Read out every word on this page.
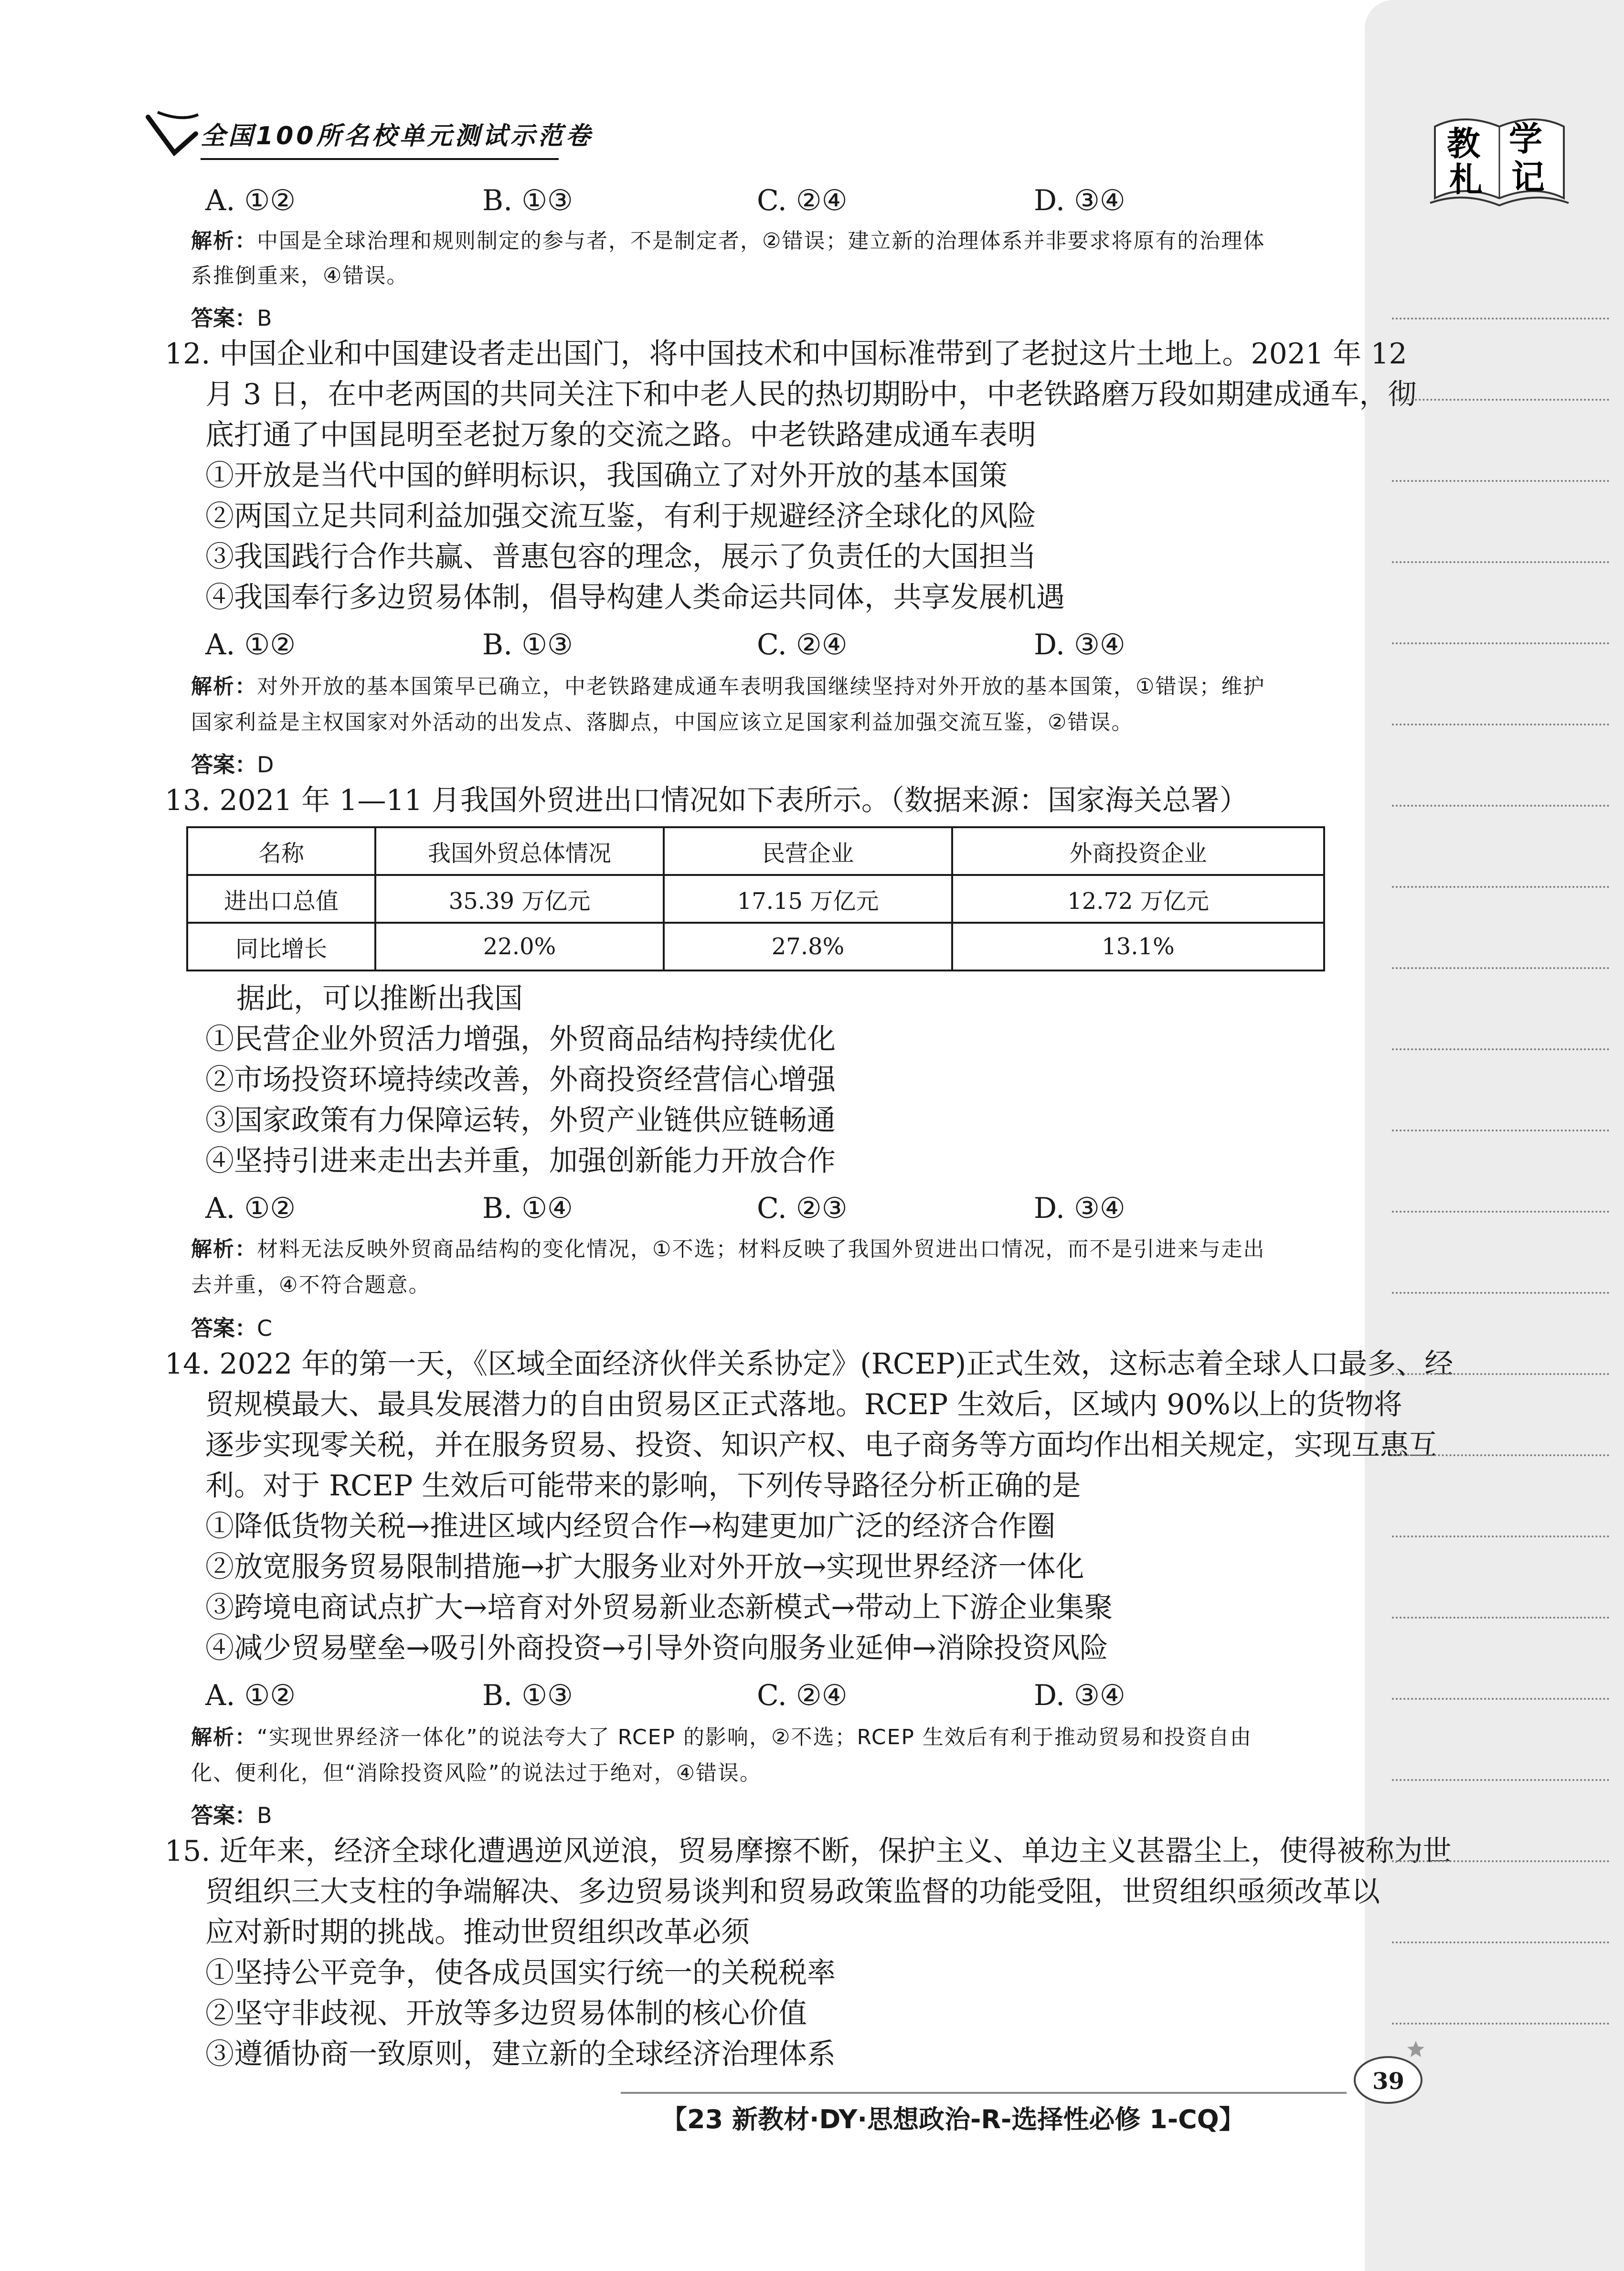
教 学
札 记
全国100所名校单元测试示范卷
A. ①②	B. ①③	C. ②④	D. ③④
解析：中国是全球治理和规则制定的参与者，不是制定者，②错误；建立新的治理体系并非要求将原有的治理体
系推倒重来，④错误。
答案：B
12. 中国企业和中国建设者走出国门，将中国技术和中国标准带到了老挝这片土地上。2021 年 12
月 3 日，在中老两国的共同关注下和中老人民的热切期盼中，中老铁路磨万段如期建成通车，彻
底打通了中国昆明至老挝万象的交流之路。中老铁路建成通车表明
①开放是当代中国的鲜明标识，我国确立了对外开放的基本国策
②两国立足共同利益加强交流互鉴，有利于规避经济全球化的风险
③我国践行合作共赢、普惠包容的理念，展示了负责任的大国担当
④我国奉行多边贸易体制，倡导构建人类命运共同体，共享发展机遇
A. ①②	B. ①③	C. ②④	D. ③④
解析：对外开放的基本国策早已确立，中老铁路建成通车表明我国继续坚持对外开放的基本国策，①错误；维护
国家利益是主权国家对外活动的出发点、落脚点，中国应该立足国家利益加强交流互鉴，②错误。
答案：D
13. 2021 年 1—11 月我国外贸进出口情况如下表所示。（数据来源：国家海关总署）
名称	我国外贸总体情况	民营企业	外商投资企业
进出口总值	35.39 万亿元	17.15 万亿元	12.72 万亿元
同比增长	22.0%	27.8%	13.1%
据此，可以推断出我国
①民营企业外贸活力增强，外贸商品结构持续优化
②市场投资环境持续改善，外商投资经营信心增强
③国家政策有力保障运转，外贸产业链供应链畅通
④坚持引进来走出去并重，加强创新能力开放合作
A. ①②	B. ①④	C. ②③	D. ③④
解析：材料无法反映外贸商品结构的变化情况，①不选；材料反映了我国外贸进出口情况，而不是引进来与走出
去并重，④不符合题意。
答案：C
14. 2022 年的第一天，《区域全面经济伙伴关系协定》(RCEP)正式生效，这标志着全球人口最多、经
贸规模最大、最具发展潜力的自由贸易区正式落地。RCEP 生效后，区域内 90%以上的货物将
逐步实现零关税，并在服务贸易、投资、知识产权、电子商务等方面均作出相关规定，实现互惠互
利。对于 RCEP 生效后可能带来的影响，下列传导路径分析正确的是
①降低货物关税→推进区域内经贸合作→构建更加广泛的经济合作圈
②放宽服务贸易限制措施→扩大服务业对外开放→实现世界经济一体化
③跨境电商试点扩大→培育对外贸易新业态新模式→带动上下游企业集聚
④减少贸易壁垒→吸引外商投资→引导外资向服务业延伸→消除投资风险
A. ①②	B. ①③	C. ②④	D. ③④
解析：“实现世界经济一体化”的说法夸大了 RCEP 的影响，②不选；RCEP 生效后有利于推动贸易和投资自由
化、便利化，但“消除投资风险”的说法过于绝对，④错误。
答案：B
15. 近年来，经济全球化遭遇逆风逆浪，贸易摩擦不断，保护主义、单边主义甚嚣尘上，使得被称为世
贸组织三大支柱的争端解决、多边贸易谈判和贸易政策监督的功能受阻，世贸组织亟须改革以
应对新时期的挑战。推动世贸组织改革必须
①坚持公平竞争，使各成员国实行统一的关税税率
②坚守非歧视、开放等多边贸易体制的核心价值
③遵循协商一致原则，建立新的全球经济治理体系
【23 新教材·DY·思想政治-R-选择性必修 1-CQ】
39
